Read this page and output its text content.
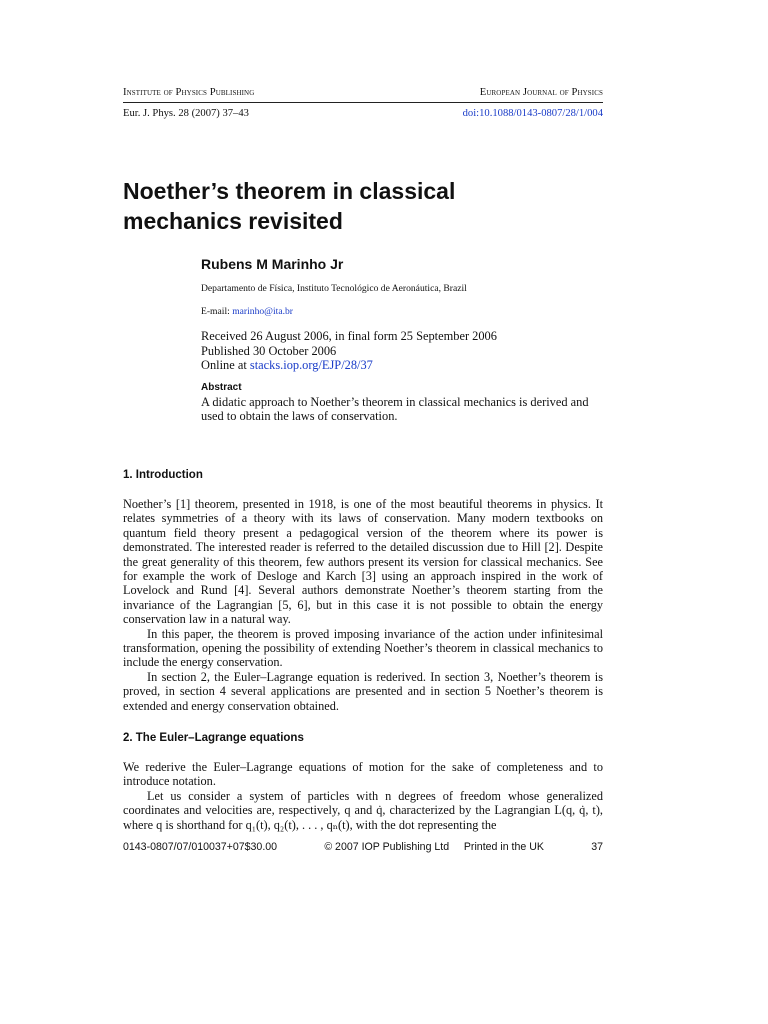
Institute of Physics Publishing	European Journal of Physics
Eur. J. Phys. 28 (2007) 37–43	doi:10.1088/0143-0807/28/1/004
Noether’s theorem in classical
mechanics revisited
Rubens M Marinho Jr
Departamento de Física, Instituto Tecnológico de Aeronáutica, Brazil
E-mail: marinho@ita.br
Received 26 August 2006, in final form 25 September 2006
Published 30 October 2006
Online at stacks.iop.org/EJP/28/37
Abstract
A didatic approach to Noether’s theorem in classical mechanics is derived and used to obtain the laws of conservation.
1. Introduction

Noether’s [1] theorem, presented in 1918, is one of the most beautiful theorems in physics. It relates symmetries of a theory with its laws of conservation. Many modern textbooks on quantum field theory present a pedagogical version of the theorem where its power is demonstrated. The interested reader is referred to the detailed discussion due to Hill [2]. Despite the great generality of this theorem, few authors present its version for classical mechanics. See for example the work of Desloge and Karch [3] using an approach inspired in the work of Lovelock and Rund [4]. Several authors demonstrate Noether’s theorem starting from the invariance of the Lagrangian [5, 6], but in this case it is not possible to obtain the energy conservation law in a natural way.

In this paper, the theorem is proved imposing invariance of the action under infinitesimal transformation, opening the possibility of extending Noether’s theorem in classical mechanics to include the energy conservation.

In section 2, the Euler–Lagrange equation is rederived. In section 3, Noether’s theorem is proved, in section 4 several applications are presented and in section 5 Noether’s theorem is extended and energy conservation obtained.

2. The Euler–Lagrange equations

We rederive the Euler–Lagrange equations of motion for the sake of completeness and to introduce notation.

Let us consider a system of particles with n degrees of freedom whose generalized coordinates and velocities are, respectively, q and q̇, characterized by the Lagrangian L(q, q̇, t), where q is shorthand for q₁(t), q₂(t), . . . , qₙ(t), with the dot representing the

0143-0807/07/010037+07$30.00	© 2007 IOP Publishing Ltd Printed in the UK	37
